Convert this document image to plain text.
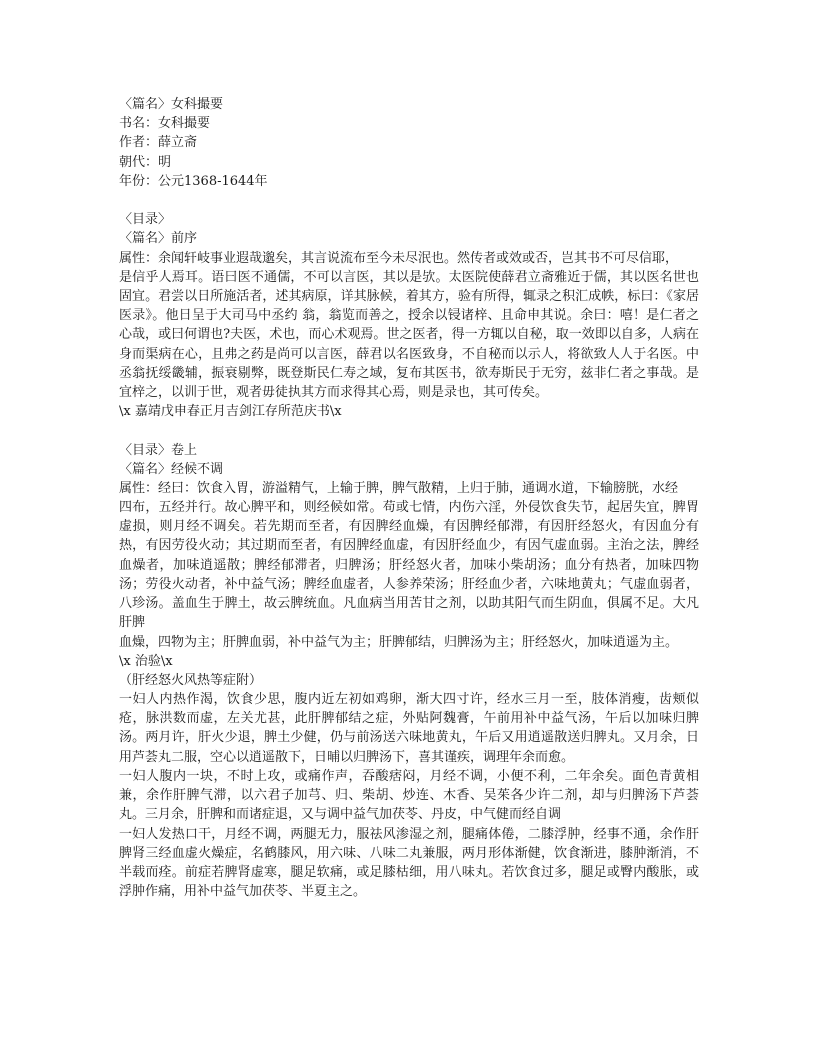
〈篇名〉女科撮要
书名：女科撮要
作者：薛立斋
朝代：明
年份：公元1368-1644年
〈目录〉
〈篇名〉前序
属性：余闻轩岐事业遐哉邈矣，其言说流布至今未尽泯也。然传者或效或否，岂其书不可尽信耶，
是信乎人焉耳。语曰医不通儒，不可以言医，其以是欤。太医院使薛君立斋雅近于儒，其以医名世也固宜。君尝以日所施活者，述其病原，详其脉候，着其方，验有所得，辄录之积汇成帙，标曰：《家居医录》。他日呈于大司马中丞约 翁，翁览而善之，授余以锓诸梓、且命申其说。余曰：嘻！是仁者之心哉，或曰何谓也?夫医，术也，而心术观焉。世之医者，得一方辄以自秘，取一效即以自多，人病在身而渠病在心，且弗之药是尚可以言医，薛君以名医致身，不自秘而以示人，将欲致人人于名医。中丞翁抚绥畿辅，振衰剔弊，既登斯民仁寿之域，复布其医书，欲寿斯民于无穷，兹非仁者之事哉。是宜梓之，以训于世，观者毋徒执其方而求得其心焉，则是录也，其可传矣。
\x 嘉靖戊申春正月吉剑江存所范庆书\x
〈目录〉卷上
〈篇名〉经候不调
属性：经曰：饮食入胃，游溢精气，上输于脾，脾气散精，上归于肺，通调水道，下输膀胱，水经
四布，五经并行。故心脾平和，则经候如常。苟或七情，内伤六淫，外侵饮食失节，起居失宜，脾胃虚损，则月经不调矣。若先期而至者，有因脾经血燥，有因脾经郁滞，有因肝经怒火，有因血分有热，有因劳役火动；其过期而至者，有因脾经血虚，有因肝经血少，有因气虚血弱。主治之法，脾经血燥者，加味逍遥散；脾经郁滞者，归脾汤；肝经怒火者，加味小柴胡汤；血分有热者，加味四物汤；劳役火动者，补中益气汤；脾经血虚者，人参养荣汤；肝经血少者，六味地黄丸；气虚血弱者，八珍汤。盖血生于脾土，故云脾统血。凡血病当用苦甘之剂，以助其阳气而生阴血，俱属不足。大凡肝脾
血燥，四物为主；肝脾血弱，补中益气为主；肝脾郁结，归脾汤为主；肝经怒火，加味逍遥为主。
\x 治验\x
（肝经怒火风热等症附）
一妇人内热作渴，饮食少思，腹内近左初如鸡卵，渐大四寸许，经水三月一至，肢体消瘦，齿颊似疮，脉洪数而虚，左关尤甚，此肝脾郁结之症，外贴阿魏膏，午前用补中益气汤，午后以加味归脾汤。两月许，肝火少退，脾土少健，仍与前汤送六味地黄丸，午后又用逍遥散送归脾丸。又月余，日用芦荟丸二服，空心以逍遥散下，日晡以归脾汤下，喜其谨疾，调理年余而愈。
一妇人腹内一块，不时上攻，或痛作声，吞酸痞闷，月经不调，小便不利，二年余矣。面色青黄相兼，余作肝脾气滞，以六君子加芎、归、柴胡、炒连、木香、吴茱各少许二剂，却与归脾汤下芦荟丸。三月余，肝脾和而诸症退，又与调中益气加茯苓、丹皮，中气健而经自调
一妇人发热口干，月经不调，两腿无力，服祛风渗湿之剂，腿痛体倦，二膝浮肿，经事不通，余作肝脾肾三经血虚火燥症，名鹤膝风，用六味、八味二丸兼服，两月形体渐健，饮食渐进，膝肿渐消，不半载而痊。前症若脾肾虚寒，腿足软痛，或足膝枯细，用八味丸。若饮食过多，腿足或臀内酸胀，或浮肿作痛，用补中益气加茯苓、半夏主之。
